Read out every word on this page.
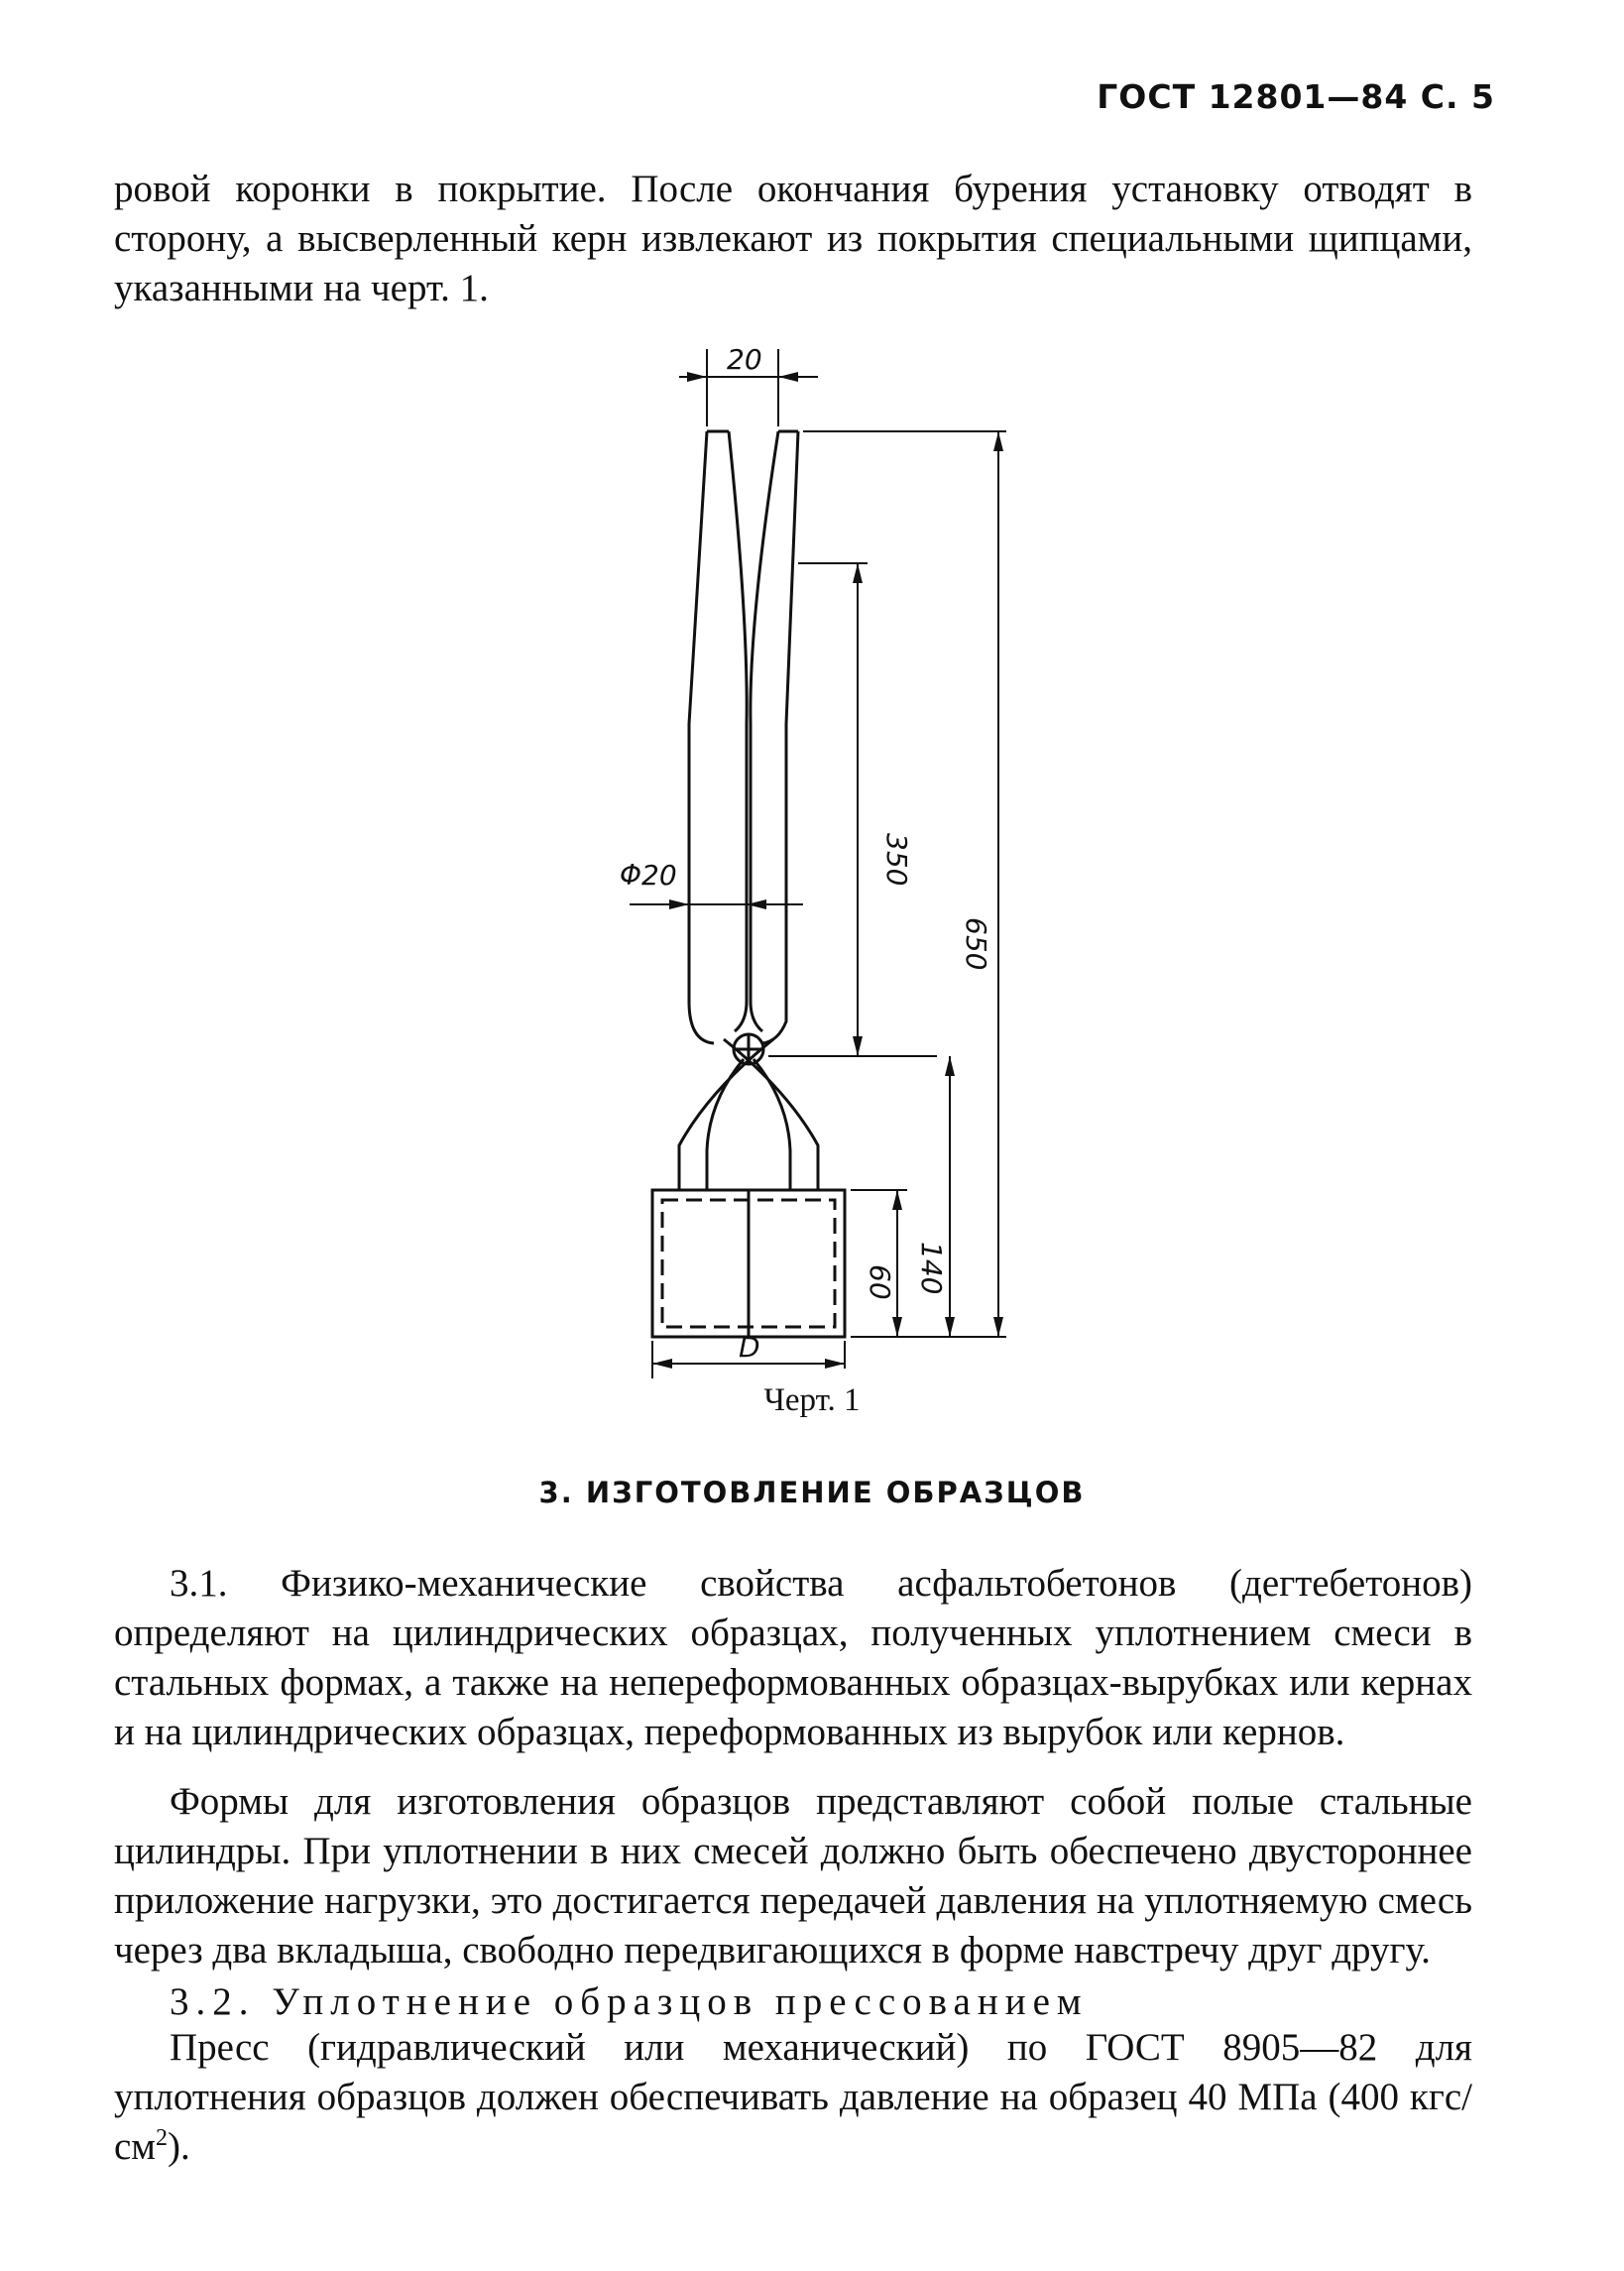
ГОСТ 12801—84 С. 5

ровой коронки в покрытие. После окончания бурения установку отводят в сторону, а высверленный керн извлекают из покрытия специальными щипцами, указанными на черт. 1.

20
Φ20	350
650
140
60
D
Черт. 1
3. ИЗГОТОВЛЕНИЕ ОБРАЗЦОВ

3.1. Физико-механические свойства асфальтобетонов (дегтебетонов) определяют на цилиндрических образцах, полученных уплотнением смеси в стальных формах, а также на непереформованных образцах-вырубках или кернах и на цилиндрических образцах, переформованных из вырубок или кернов.

Формы для изготовления образцов представляют собой полые стальные цилиндры. При уплотнении в них смесей должно быть обеспечено двустороннее приложение нагрузки, это достигается передачей давления на уплотняемую смесь через два вкладыша, свободно передвигающихся в форме навстречу друг другу.

3.2. Уплотнение образцов прессованием

Пресс (гидравлический или механический) по ГОСТ 8905—82 для уплотнения образцов должен обеспечивать давление на образец 40 МПа (400 кгс/$см^2$).
